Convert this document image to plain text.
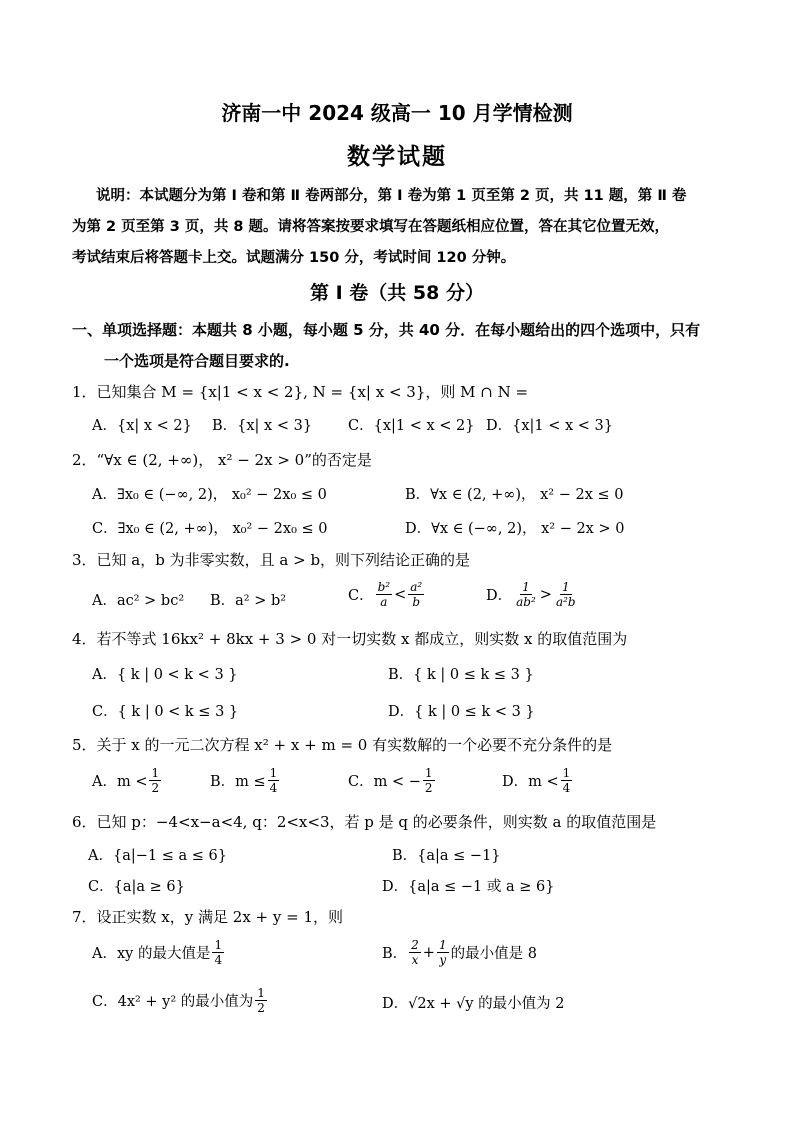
济南一中 2024 级高一 10 月学情检测
数学试题
说明：本试题分为第 Ⅰ 卷和第 Ⅱ 卷两部分，第 Ⅰ 卷为第 1 页至第 2 页，共 11 题，第 Ⅱ 卷
为第 2 页至第 3 页，共 8 题。请将答案按要求填写在答题纸相应位置，答在其它位置无效，
考试结束后将答题卡上交。试题满分 150 分，考试时间 120 分钟。
第 Ⅰ 卷（共 58 分）
一、单项选择题：本题共 8 小题，每小题 5 分，共 40 分．在每小题给出的四个选项中，只有
一个选项是符合题目要求的.
1．已知集合 M = {x|1 < x < 2}, N = {x| x < 3}，则 M ∩ N =
A．{x| x < 2} B．{x| x < 3} C．{x|1 < x < 2} D．{x|1 < x < 3}
2．“∀x ∈ (2, +∞)， x² − 2x > 0”的否定是
A．∃x₀ ∈ (−∞, 2)， x₀² − 2x₀ ≤ 0	B．∀x ∈ (2, +∞)， x² − 2x ≤ 0
C．∃x₀ ∈ (2, +∞)， x₀² − 2x₀ ≤ 0	D．∀x ∈ (−∞, 2)， x² − 2x > 0
3．已知 a，b 为非零实数，且 a > b，则下列结论正确的是
A．ac² > bc² B．a² > b²	C． $\frac{\text{b²}}{a} < \frac{\text{a²}}{b}$	D． $\frac{1}{\text{ab²}} > \frac{1}{\text{a²b}}$
4．若不等式 16kx² + 8kx + 3 > 0 对一切实数 x 都成立，则实数 x 的取值范围为
A．{ k | 0 < k < 3 }	B．{ k | 0 ≤ k ≤ 3 }
C．{ k | 0 < k ≤ 3 }	D．{ k | 0 ≤ k < 3 }
5．关于 x 的一元二次方程 x² + x + m = 0 有实数解的一个必要不充分条件的是
A．$m < \frac{1}{2}$	B．$m \le \frac{1}{4}$	C．m < − $\frac{1}{2}$	D．$m < \frac{1}{4}$
6．已知 p：−4<x−a<4, q：2<x<3，若 p 是 q 的必要条件，则实数 a 的取值范围是
A．{a|−1 ≤ a ≤ 6}	B．{a|a ≤ −1}
C．{a|a ≥ 6}	D．{a|a ≤ −1 或 a ≥ 6}
7．设正实数 x，y 满足 2x + y = 1，则
A．xy 的最大值是 $\frac{1}{4}$	B． $\frac{2}{x} + \frac{1}{y}$ 的最小值是 8
C．4x² + y² 的最小值为 $\frac{1}{2}$	D．√2x + √y 的最小值为 2
